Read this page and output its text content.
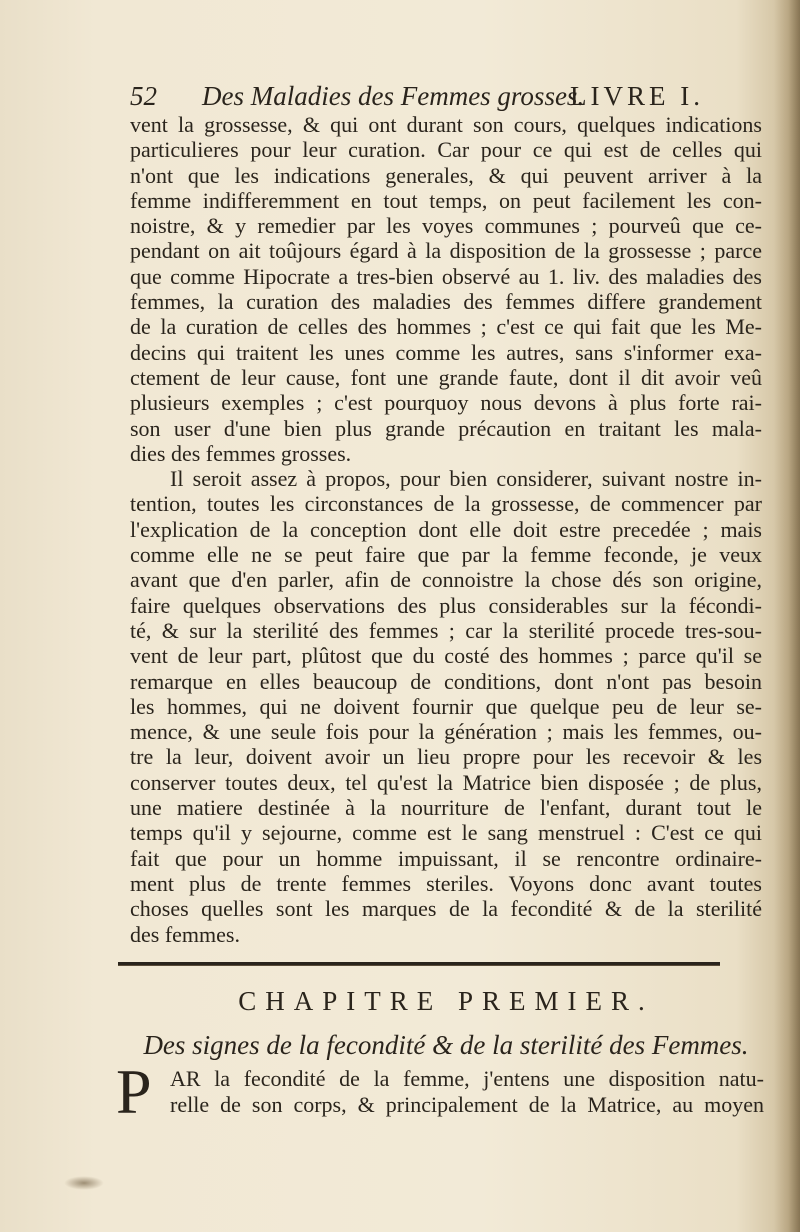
52 Des Maladies des Femmes grosses.
LIVRE I.
vent la grossesse, & qui ont durant son cours, quelques indications
particulieres pour leur curation. Car pour ce qui est de celles qui
n'ont que les indications generales, & qui peuvent arriver à la
femme indifferemment en tout temps, on peut facilement les con-
noistre, & y remedier par les voyes communes ; pourveû que ce-
pendant on ait toûjours égard à la disposition de la grossesse ; parce
que comme Hipocrate a tres-bien observé au 1. liv. des maladies des
femmes, la curation des maladies des femmes differe grandement
de la curation de celles des hommes ; c'est ce qui fait que les Me-
decins qui traitent les unes comme les autres, sans s'informer exa-
ctement de leur cause, font une grande faute, dont il dit avoir veû
plusieurs exemples ; c'est pourquoy nous devons à plus forte rai-
son user d'une bien plus grande précaution en traitant les mala-
dies des femmes grosses.
Il seroit assez à propos, pour bien considerer, suivant nostre in-
tention, toutes les circonstances de la grossesse, de commencer par
l'explication de la conception dont elle doit estre precedée ; mais
comme elle ne se peut faire que par la femme feconde, je veux
avant que d'en parler, afin de connoistre la chose dés son origine,
faire quelques observations des plus considerables sur la fécondi-
té, & sur la sterilité des femmes ; car la sterilité procede tres-sou-
vent de leur part, plûtost que du costé des hommes ; parce qu'il se
remarque en elles beaucoup de conditions, dont n'ont pas besoin
les hommes, qui ne doivent fournir que quelque peu de leur se-
mence, & une seule fois pour la génération ; mais les femmes, ou-
tre la leur, doivent avoir un lieu propre pour les recevoir & les
conserver toutes deux, tel qu'est la Matrice bien disposée ; de plus,
une matiere destinée à la nourriture de l'enfant, durant tout le
temps qu'il y sejourne, comme est le sang menstruel : C'est ce qui
fait que pour un homme impuissant, il se rencontre ordinaire-
ment plus de trente femmes steriles. Voyons donc avant toutes
choses quelles sont les marques de la fecondité & de la sterilité
des femmes.
CHAPITRE PREMIER.
Des signes de la fecondité & de la sterilité des Femmes.
P AR la fecondité de la femme, j'entens une disposition natu-
relle de son corps, & principalement de la Matrice, au moyen
